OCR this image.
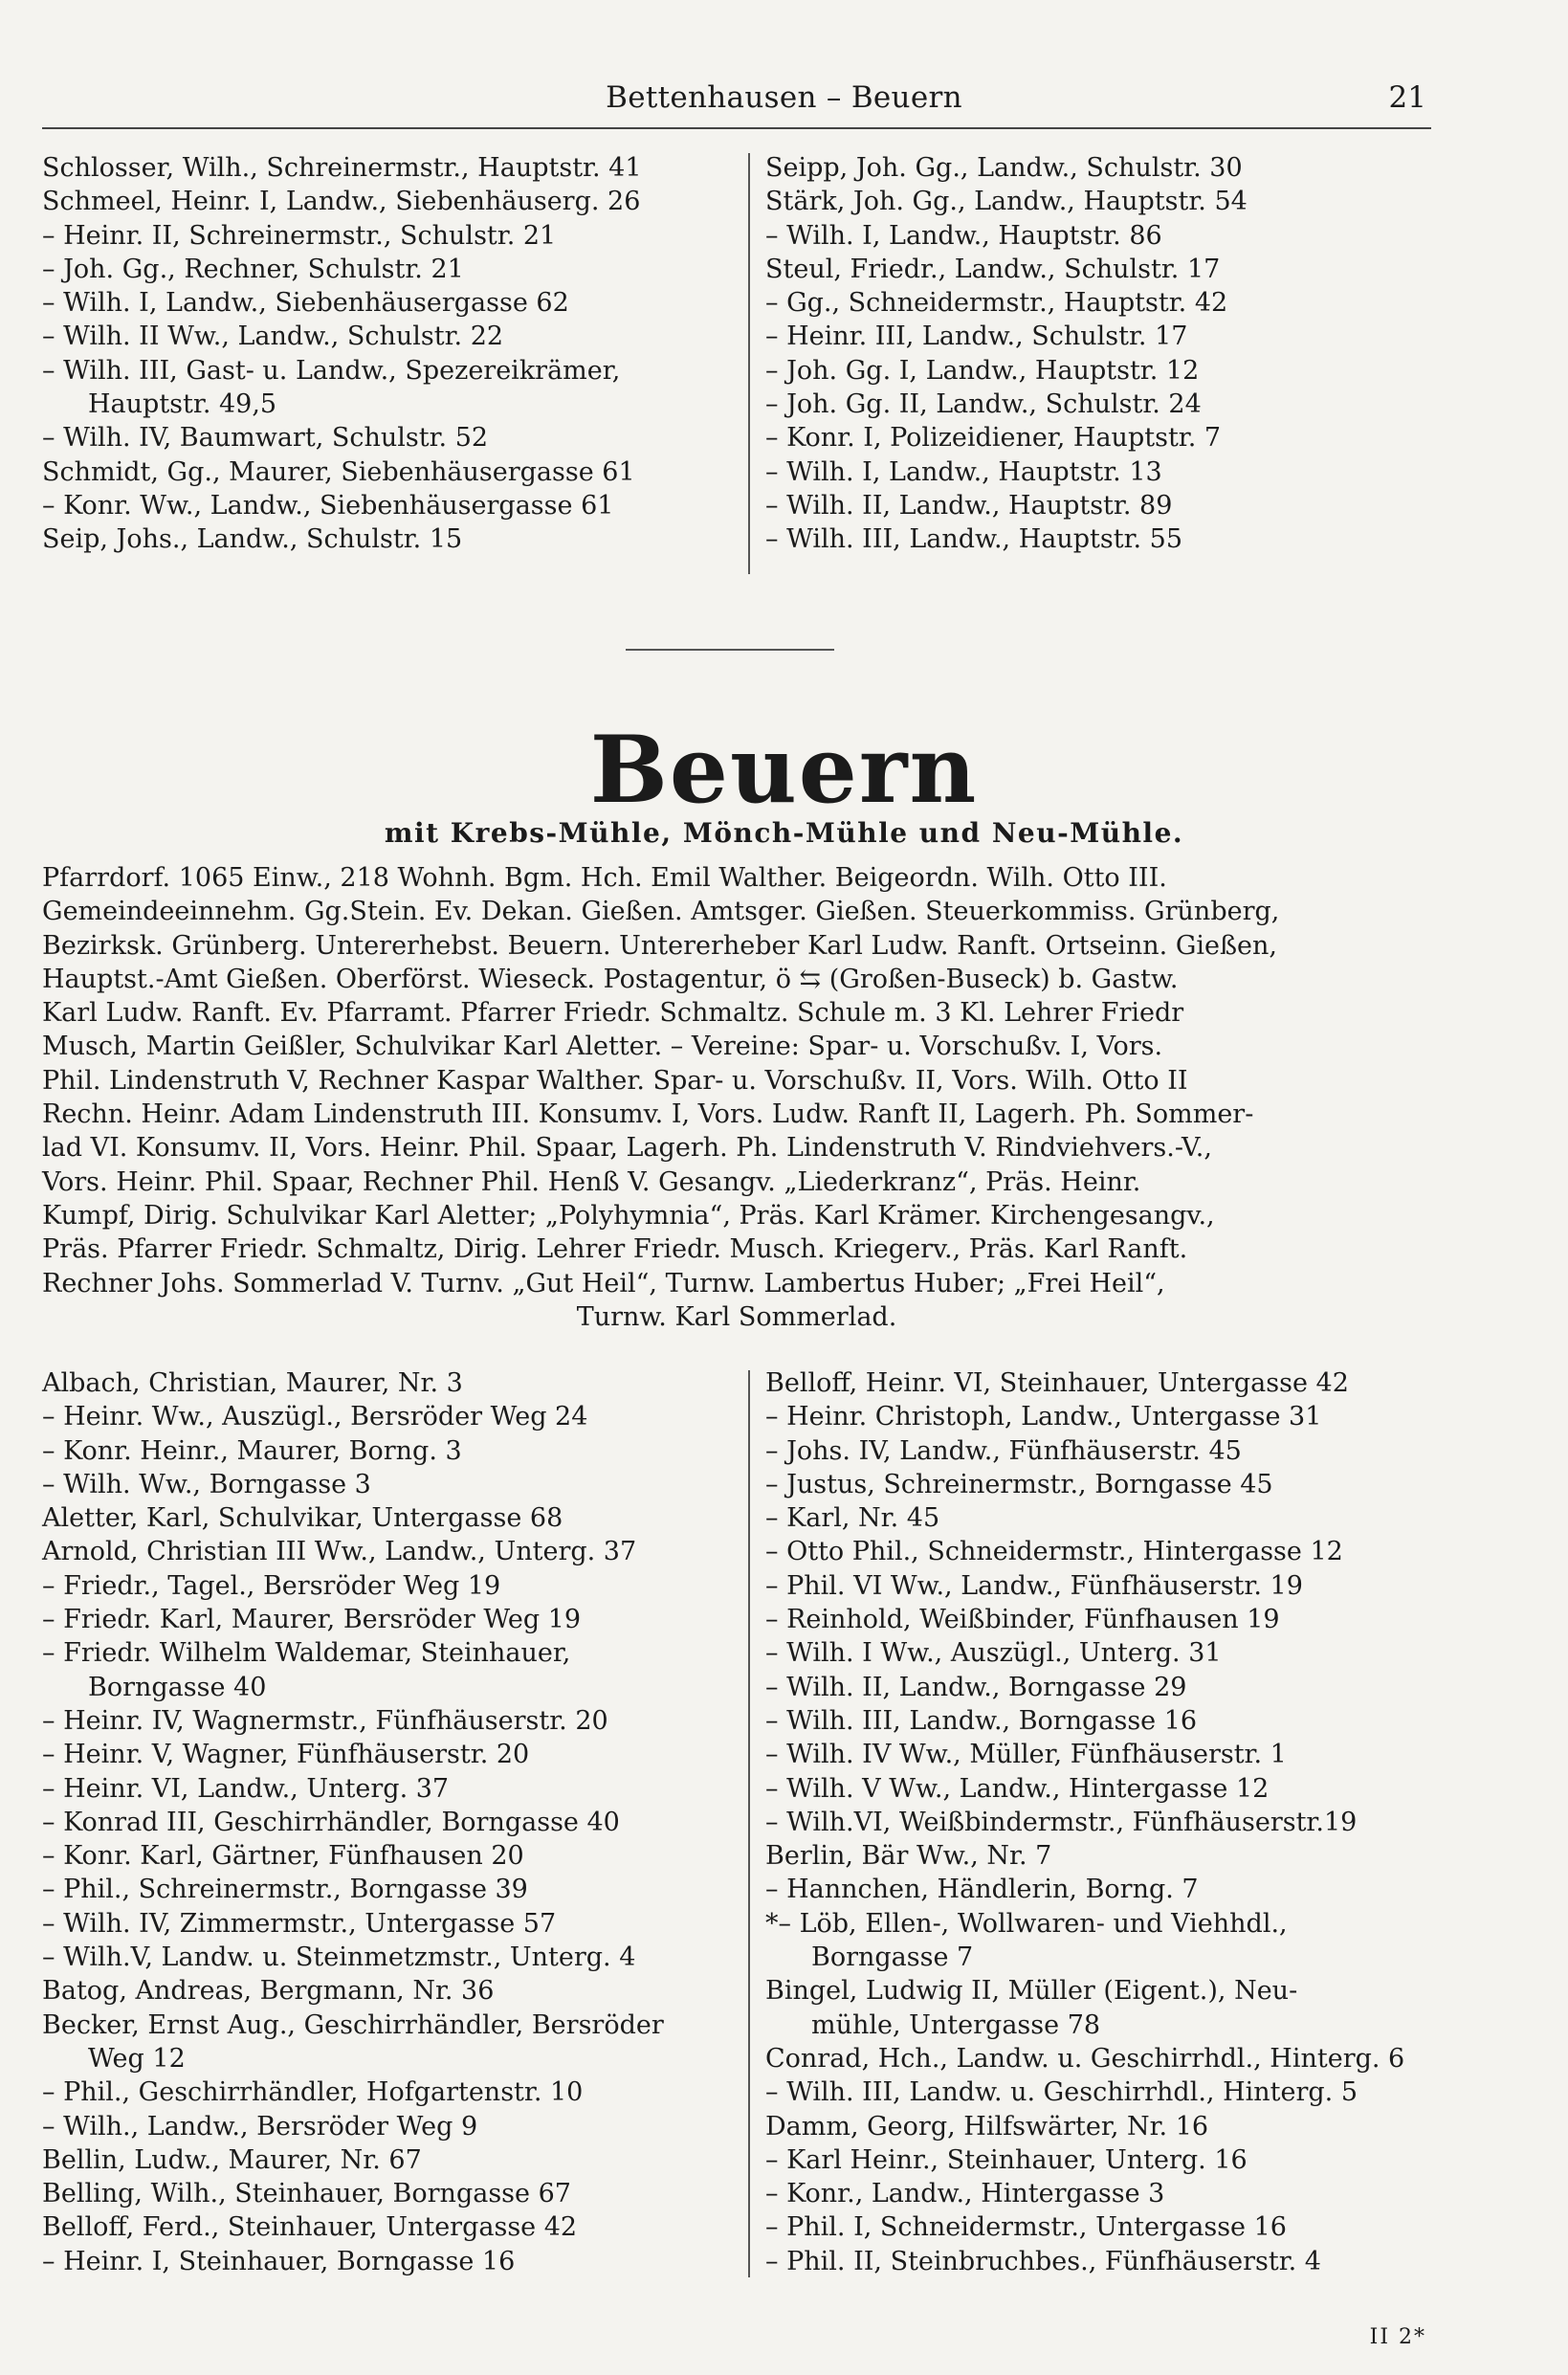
Bettenhausen – Beuern	21
Schlosser, Wilh., Schreinermstr., Hauptstr. 41
Schmeel, Heinr. I, Landw., Siebenhäuserg. 26
– Heinr. II, Schreinermstr., Schulstr. 21
– Joh. Gg., Rechner, Schulstr. 21
– Wilh. I, Landw., Siebenhäusergasse 62
– Wilh. II Ww., Landw., Schulstr. 22
– Wilh. III, Gast- u. Landw., Spezereikrämer,
Hauptstr. 49,5
– Wilh. IV, Baumwart, Schulstr. 52
Schmidt, Gg., Maurer, Siebenhäusergasse 61
– Konr. Ww., Landw., Siebenhäusergasse 61
Seip, Johs., Landw., Schulstr. 15
Seipp, Joh. Gg., Landw., Schulstr. 30
Stärk, Joh. Gg., Landw., Hauptstr. 54
– Wilh. I, Landw., Hauptstr. 86
Steul, Friedr., Landw., Schulstr. 17
– Gg., Schneidermstr., Hauptstr. 42
– Heinr. III, Landw., Schulstr. 17
– Joh. Gg. I, Landw., Hauptstr. 12
– Joh. Gg. II, Landw., Schulstr. 24
– Konr. I, Polizeidiener, Hauptstr. 7
– Wilh. I, Landw., Hauptstr. 13
– Wilh. II, Landw., Hauptstr. 89
– Wilh. III, Landw., Hauptstr. 55
Beuern
mit Krebs-Mühle, Mönch-Mühle und Neu-Mühle.
Pfarrdorf. 1065 Einw., 218 Wohnh. Bgm. Hch. Emil Walther. Beigeordn. Wilh. Otto III.
Gemeindeeinnehm. Gg.Stein. Ev. Dekan. Gießen. Amtsger. Gießen. Steuerkommiss. Grünberg,
Bezirksk. Grünberg. Untererhebst. Beuern. Untererheber Karl Ludw. Ranft. Ortseinn. Gießen,
Hauptst.-Amt Gießen. Oberförst. Wieseck. Postagentur, ö ⇆ (Großen-Buseck) b. Gastw.
Karl Ludw. Ranft. Ev. Pfarramt. Pfarrer Friedr. Schmaltz. Schule m. 3 Kl. Lehrer Friedr
Musch, Martin Geißler, Schulvikar Karl Aletter. – Vereine: Spar- u. Vorschußv. I, Vors.
Phil. Lindenstruth V, Rechner Kaspar Walther. Spar- u. Vorschußv. II, Vors. Wilh. Otto II
Rechn. Heinr. Adam Lindenstruth III. Konsumv. I, Vors. Ludw. Ranft II, Lagerh. Ph. Sommer-
lad VI. Konsumv. II, Vors. Heinr. Phil. Spaar, Lagerh. Ph. Lindenstruth V. Rindviehvers.-V.,
Vors. Heinr. Phil. Spaar, Rechner Phil. Henß V. Gesangv. „Liederkranz“, Präs. Heinr.
Kumpf, Dirig. Schulvikar Karl Aletter; „Polyhymnia“, Präs. Karl Krämer. Kirchengesangv.,
Präs. Pfarrer Friedr. Schmaltz, Dirig. Lehrer Friedr. Musch. Kriegerv., Präs. Karl Ranft.
Rechner Johs. Sommerlad V. Turnv. „Gut Heil“, Turnw. Lambertus Huber; „Frei Heil“,
Turnw. Karl Sommerlad.
Albach, Christian, Maurer, Nr. 3
– Heinr. Ww., Auszügl., Bersröder Weg 24
– Konr. Heinr., Maurer, Borng. 3
– Wilh. Ww., Borngasse 3
Aletter, Karl, Schulvikar, Untergasse 68
Arnold, Christian III Ww., Landw., Unterg. 37
– Friedr., Tagel., Bersröder Weg 19
– Friedr. Karl, Maurer, Bersröder Weg 19
– Friedr. Wilhelm Waldemar, Steinhauer,
Borngasse 40
– Heinr. IV, Wagnermstr., Fünfhäuserstr. 20
– Heinr. V, Wagner, Fünfhäuserstr. 20
– Heinr. VI, Landw., Unterg. 37
– Konrad III, Geschirrhändler, Borngasse 40
– Konr. Karl, Gärtner, Fünfhausen 20
– Phil., Schreinermstr., Borngasse 39
– Wilh. IV, Zimmermstr., Untergasse 57
– Wilh.V, Landw. u. Steinmetzmstr., Unterg. 4
Batog, Andreas, Bergmann, Nr. 36
Becker, Ernst Aug., Geschirrhändler, Bersröder
Weg 12
– Phil., Geschirrhändler, Hofgartenstr. 10
– Wilh., Landw., Bersröder Weg 9
Bellin, Ludw., Maurer, Nr. 67
Belling, Wilh., Steinhauer, Borngasse 67
Belloff, Ferd., Steinhauer, Untergasse 42
– Heinr. I, Steinhauer, Borngasse 16
Belloff, Heinr. VI, Steinhauer, Untergasse 42
– Heinr. Christoph, Landw., Untergasse 31
– Johs. IV, Landw., Fünfhäuserstr. 45
– Justus, Schreinermstr., Borngasse 45
– Karl, Nr. 45
– Otto Phil., Schneidermstr., Hintergasse 12
– Phil. VI Ww., Landw., Fünfhäuserstr. 19
– Reinhold, Weißbinder, Fünfhausen 19
– Wilh. I Ww., Auszügl., Unterg. 31
– Wilh. II, Landw., Borngasse 29
– Wilh. III, Landw., Borngasse 16
– Wilh. IV Ww., Müller, Fünfhäuserstr. 1
– Wilh. V Ww., Landw., Hintergasse 12
– Wilh.VI, Weißbindermstr., Fünfhäuserstr.19
Berlin, Bär Ww., Nr. 7
– Hannchen, Händlerin, Borng. 7
*– Löb, Ellen-, Wollwaren- und Viehhdl.,
Borngasse 7
Bingel, Ludwig II, Müller (Eigent.), Neu-
mühle, Untergasse 78
Conrad, Hch., Landw. u. Geschirrhdl., Hinterg. 6
– Wilh. III, Landw. u. Geschirrhdl., Hinterg. 5
Damm, Georg, Hilfswärter, Nr. 16
– Karl Heinr., Steinhauer, Unterg. 16
– Konr., Landw., Hintergasse 3
– Phil. I, Schneidermstr., Untergasse 16
– Phil. II, Steinbruchbes., Fünfhäuserstr. 4
II 2*
